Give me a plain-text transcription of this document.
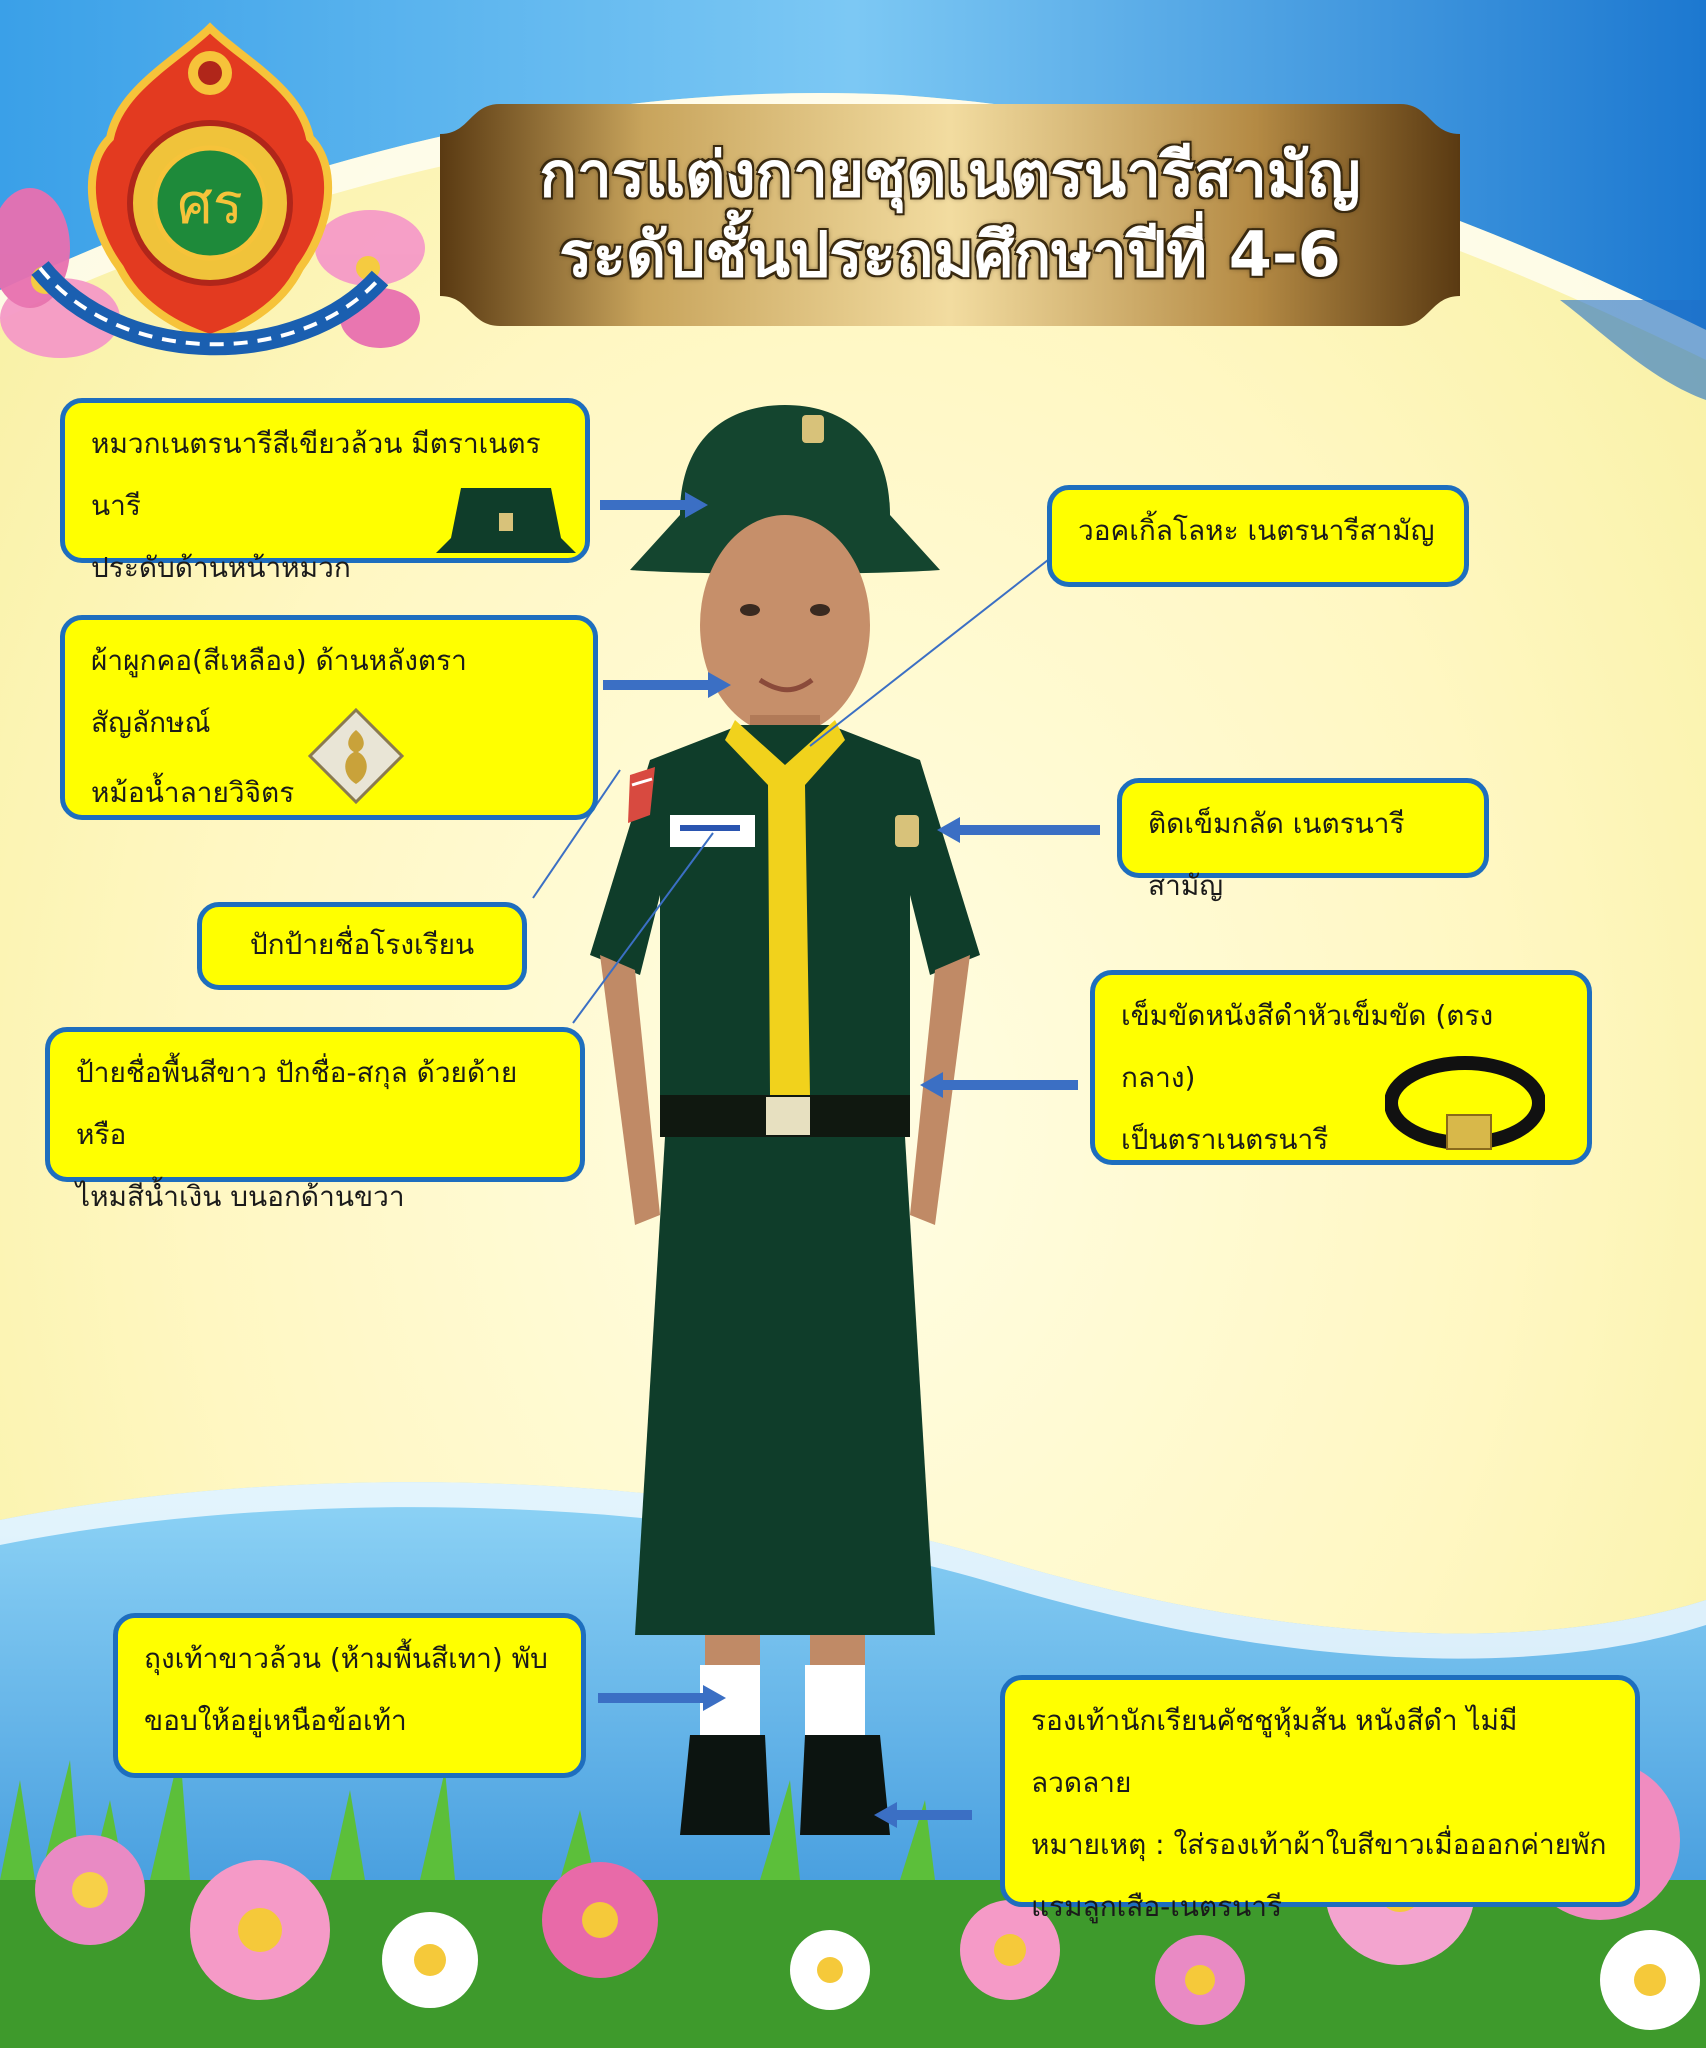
ศร	การแต่งกายชุดเนตรนารีสามัญ
ระดับชั้นประถมศึกษาปีที่ 4-6
หมวกเนตรนารีสีเขียวล้วน มีตราเนตรนารี
ประดับด้านหน้าหมวก
วอคเกิ้ลโลหะ เนตรนารีสามัญ
ผ้าผูกคอ(สีเหลือง) ด้านหลังตราสัญลักษณ์
หม้อน้ำลายวิจิตร
ติดเข็มกลัด เนตรนารีสามัญ
ปักป้ายชื่อโรงเรียน
ป้ายชื่อพื้นสีขาว ปักชื่อ-สกุล ด้วยด้ายหรือ
ไหมสีน้ำเงิน บนอกด้านขวา
เข็มขัดหนังสีดำหัวเข็มขัด (ตรงกลาง)
เป็นตราเนตรนารี
ถุงเท้าขาวล้วน (ห้ามพื้นสีเทา) พับ
ขอบให้อยู่เหนือข้อเท้า	รองเท้านักเรียนคัชชูหุ้มส้น หนังสีดำ ไม่มีลวดลาย
หมายเหตุ : ใส่รองเท้าผ้าใบสีขาวเมื่อออกค่ายพัก
แรมลูกเสือ-เนตรนารี
